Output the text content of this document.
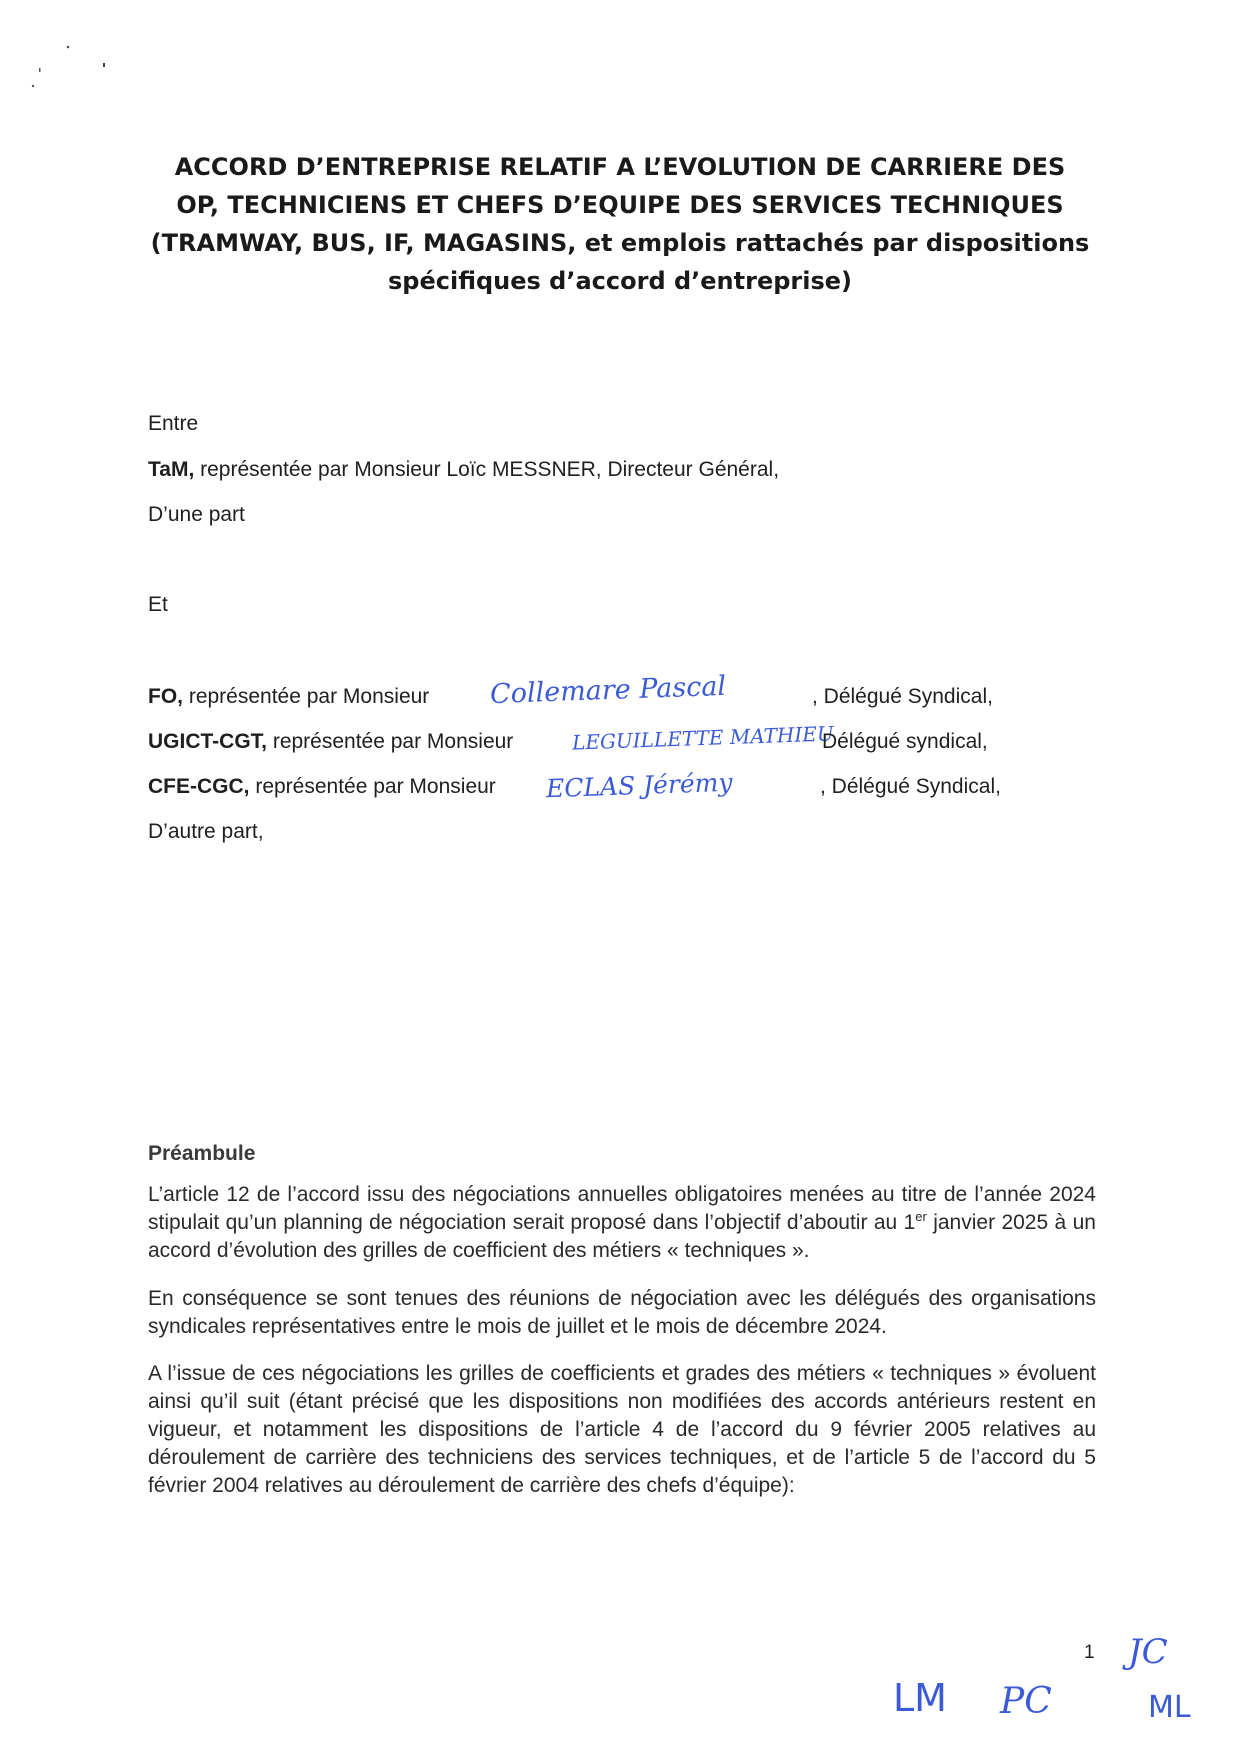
ACCORD D’ENTREPRISE RELATIF A L’EVOLUTION DE CARRIERE DES
OP, TECHNICIENS ET CHEFS D’EQUIPE DES SERVICES TECHNIQUES
(TRAMWAY, BUS, IF, MAGASINS, et emplois rattachés par dispositions
spécifiques d’accord d’entreprise)
Entre
TaM, représentée par Monsieur Loïc MESSNER, Directeur Général,
D’une part
Et
FO, représentée par Monsieur Collemare Pascal	, Délégué Syndical,
UGICT-CGT, représentée par Monsieur	LEGUILLETTE MATHIEU
Délégué syndical,
CFE-CGC, représentée par Monsieur ECLAS Jérémy	, Délégué Syndical,
D’autre part,
Préambule

L’article 12 de l’accord issu des négociations annuelles obligatoires menées au titre de l’année 2024 stipulait qu’un planning de négociation serait proposé dans l’objectif d’aboutir au 1er janvier 2025 à un accord d’évolution des grilles de coefficient des métiers « techniques ».

En conséquence se sont tenues des réunions de négociation avec les délégués des organisations syndicales représentatives entre le mois de juillet et le mois de décembre 2024.

A l’issue de ces négociations les grilles de coefficients et grades des métiers « techniques » évoluent ainsi qu’il suit (étant précisé que les dispositions non modifiées des accords antérieurs restent en vigueur, et notamment les dispositions de l’article 4 de l’accord du 9 février 2005 relatives au déroulement de carrière des techniciens des services techniques, et de l’article 5 de l’accord du 5 février 2004 relatives au déroulement de carrière des chefs d’équipe):

1
LM PC
JC
ML
